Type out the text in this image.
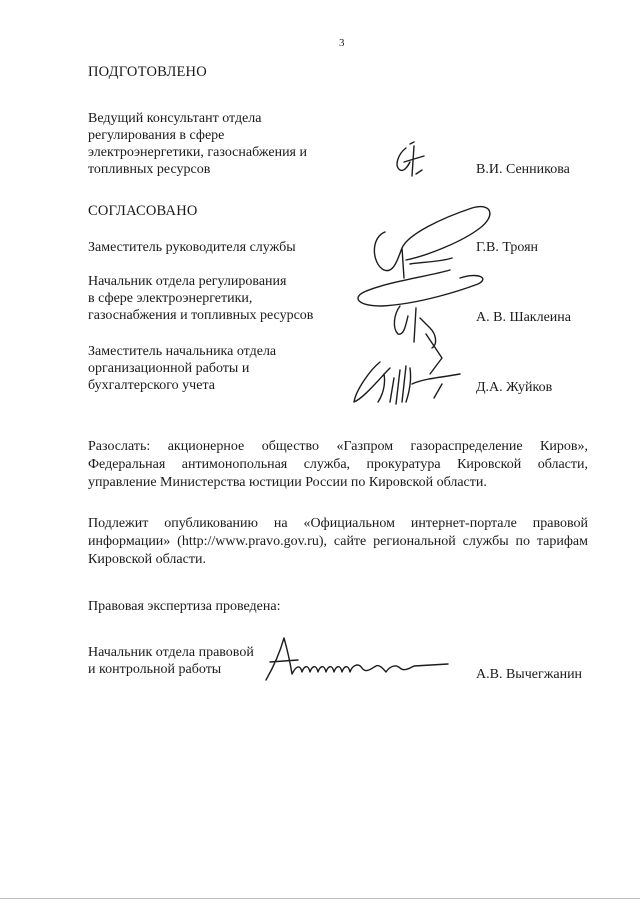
3
ПОДГОТОВЛЕНО
Ведущий консультант отдела
регулирования в сфере
электроэнергетики, газоснабжения и
топливных ресурсов	В.И. Сенникова
СОГЛАСОВАНО
Заместитель руководителя службы	Г.В. Троян
Начальник отдела регулирования
в сфере электроэнергетики,
газоснабжения и топливных ресурсов	А. В. Шаклеина
Заместитель начальника отдела
организационной работы и
бухгалтерского учета	Д.А. Жуйков
Разослать: акционерное общество «Газпром газораспределение Киров», Федеральная антимонопольная служба, прокуратура Кировской области, управление Министерства юстиции России по Кировской области.
Подлежит опубликованию на «Официальном интернет-портале правовой информации» (http://www.pravo.gov.ru), сайте региональной службы по тарифам Кировской области.
Правовая экспертиза проведена:
Начальник отдела правовой
и контрольной работы	А.В. Вычегжанин
